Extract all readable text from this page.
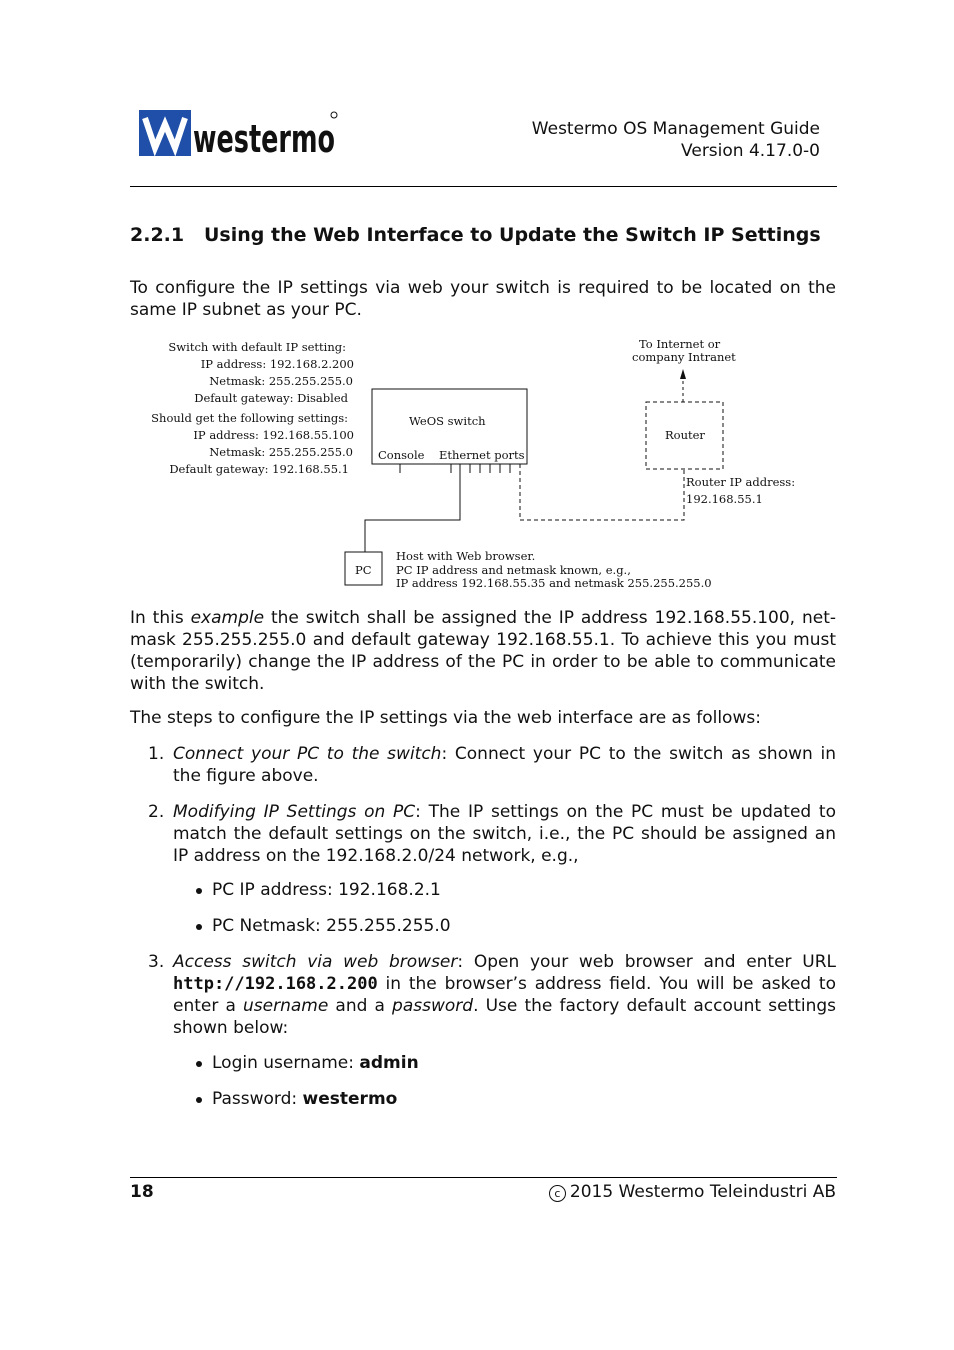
westermo	Westermo OS Management Guide
Version 4.17.0-0
2.2.1 Using the Web Interface to Update the Switch IP Settings
To configure the IP settings via web your switch is required to be located on the same IP subnet as your PC.
Switch with default IP setting:
IP address: 192.168.2.200
Netmask: 255.255.255.0
Default gateway: Disabled
Should get the following settings:
IP address: 192.168.55.100
Netmask: 255.255.255.0
Default gateway: 192.168.55.1
WeOS switch
Console Ethernet ports
Router
To Internet or
company Intranet
Router IP address:
192.168.55.1
PC
Host with Web browser.
PC IP address and netmask known, e.g.,
IP address 192.168.55.35 and netmask 255.255.255.0

In this example the switch shall be assigned the IP address 192.168.55.100, net-

mask 255.255.255.0 and default gateway 192.168.55.1. To achieve this you must

(temporarily) change the IP address of the PC in order to be able to communicate

with the switch.

The steps to configure the IP settings via the web interface are as follows:
1. Connect your PC to the switch: Connect your PC to the switch as shown in the figure above.
2. Modifying IP Settings on PC: The IP settings on the PC must be updated to match the default settings on the switch, i.e., the PC should be assigned an IP address on the 192.168.2.0/24 network, e.g.,
PC IP address: 192.168.2.1
PC Netmask: 255.255.255.0
3. Access switch via web browser: Open your web browser and enter URL http://192.168.2.200 in the browser’s address field. You will be asked to enter a username and a password. Use the factory default account settings shown below:
Login username: admin
Password: westermo
18	c 2015 Westermo Teleindustri AB
